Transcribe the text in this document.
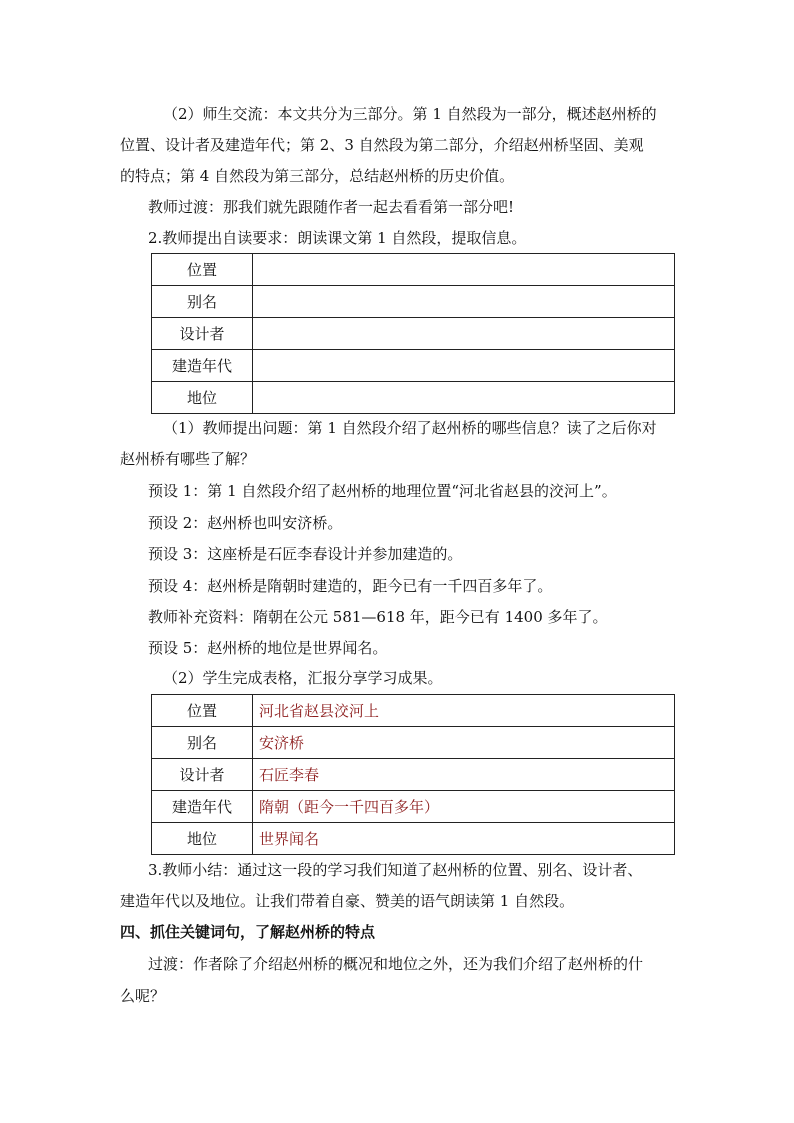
（2）师生交流：本文共分为三部分。第 1 自然段为一部分，概述赵州桥的

位置、设计者及建造年代；第 2、3 自然段为第二部分，介绍赵州桥坚固、美观

的特点；第 4 自然段为第三部分，总结赵州桥的历史价值。

教师过渡：那我们就先跟随作者一起去看看第一部分吧!

2.教师提出自读要求：朗读课文第 1 自然段，提取信息。

位置	
别名	
设计者	
建造年代	
地位	

（1）教师提出问题：第 1 自然段介绍了赵州桥的哪些信息？读了之后你对

赵州桥有哪些了解？

预设 1：第 1 自然段介绍了赵州桥的地理位置“河北省赵县的洨河上”。

预设 2：赵州桥也叫安济桥。

预设 3：这座桥是石匠李春设计并参加建造的。

预设 4：赵州桥是隋朝时建造的，距今已有一千四百多年了。

教师补充资料：隋朝在公元 581—618 年，距今已有 1400 多年了。

预设 5：赵州桥的地位是世界闻名。

（2）学生完成表格，汇报分享学习成果。

位置	河北省赵县洨河上
别名	安济桥
设计者	石匠李春
建造年代	隋朝（距今一千四百多年）
地位	世界闻名

3.教师小结：通过这一段的学习我们知道了赵州桥的位置、别名、设计者、

建造年代以及地位。让我们带着自豪、赞美的语气朗读第 1 自然段。

四、抓住关键词句，了解赵州桥的特点

过渡：作者除了介绍赵州桥的概况和地位之外，还为我们介绍了赵州桥的什

么呢？
